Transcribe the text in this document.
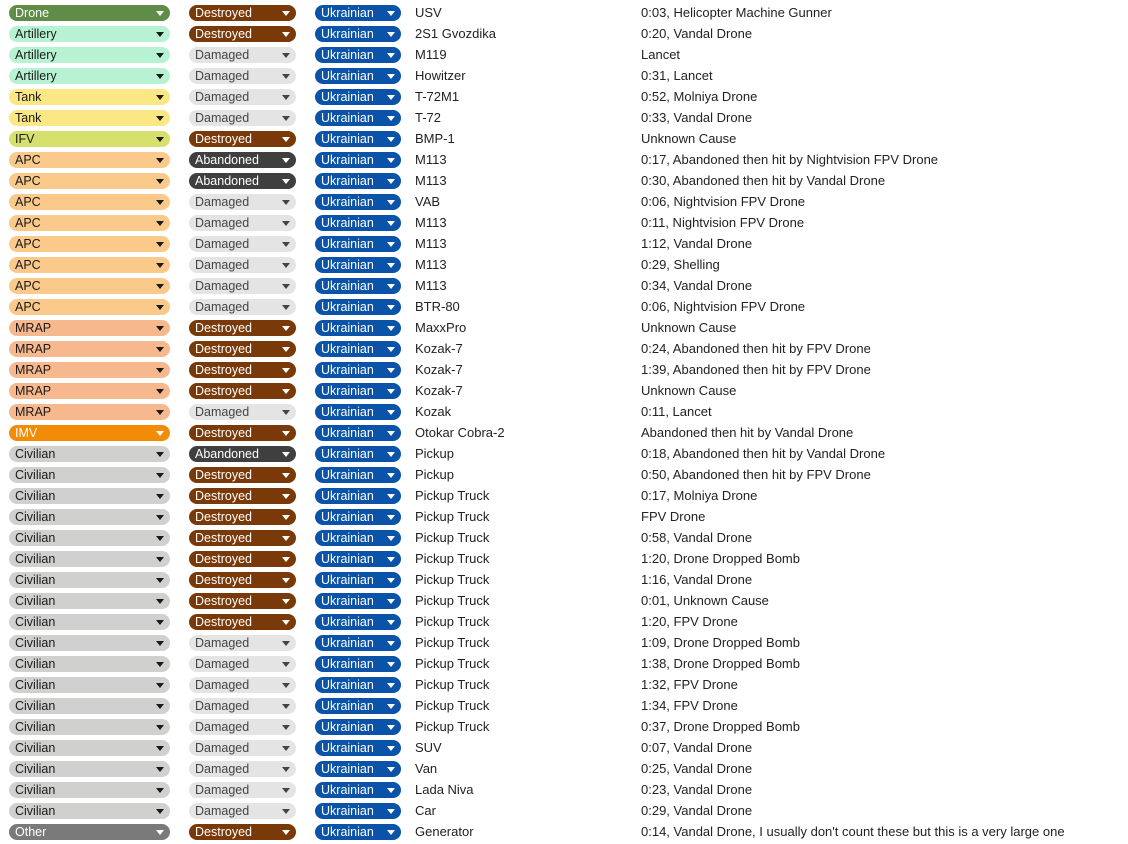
Drone	Destroyed	Ukrainian	USV	0:03, Helicopter Machine Gunner
Artillery	Destroyed	Ukrainian	2S1 Gvozdika	0:20, Vandal Drone
Artillery	Damaged	Ukrainian	M119	Lancet
Artillery	Damaged	Ukrainian	Howitzer	0:31, Lancet
Tank	Damaged	Ukrainian	T-72M1	0:52, Molniya Drone
Tank	Damaged	Ukrainian	T-72	0:33, Vandal Drone
IFV	Destroyed	Ukrainian	BMP-1	Unknown Cause
APC	Abandoned	Ukrainian	M113	0:17, Abandoned then hit by Nightvision FPV Drone
APC	Abandoned	Ukrainian	M113	0:30, Abandoned then hit by Vandal Drone
APC	Damaged	Ukrainian	VAB	0:06, Nightvision FPV Drone
APC	Damaged	Ukrainian	M113	0:11, Nightvision FPV Drone
APC	Damaged	Ukrainian	M113	1:12, Vandal Drone
APC	Damaged	Ukrainian	M113	0:29, Shelling
APC	Damaged	Ukrainian	M113	0:34, Vandal Drone
APC	Damaged	Ukrainian	BTR-80	0:06, Nightvision FPV Drone
MRAP	Destroyed	Ukrainian	MaxxPro	Unknown Cause
MRAP	Destroyed	Ukrainian	Kozak-7	0:24, Abandoned then hit by FPV Drone
MRAP	Destroyed	Ukrainian	Kozak-7	1:39, Abandoned then hit by FPV Drone
MRAP	Destroyed	Ukrainian	Kozak-7	Unknown Cause
MRAP	Damaged	Ukrainian	Kozak	0:11, Lancet
IMV	Destroyed	Ukrainian	Otokar Cobra-2	Abandoned then hit by Vandal Drone
Civilian	Abandoned	Ukrainian	Pickup	0:18, Abandoned then hit by Vandal Drone
Civilian	Destroyed	Ukrainian	Pickup	0:50, Abandoned then hit by FPV Drone
Civilian	Destroyed	Ukrainian	Pickup Truck	0:17, Molniya Drone
Civilian	Destroyed	Ukrainian	Pickup Truck	FPV Drone
Civilian	Destroyed	Ukrainian	Pickup Truck	0:58, Vandal Drone
Civilian	Destroyed	Ukrainian	Pickup Truck	1:20, Drone Dropped Bomb
Civilian	Destroyed	Ukrainian	Pickup Truck	1:16, Vandal Drone
Civilian	Destroyed	Ukrainian	Pickup Truck	0:01, Unknown Cause
Civilian	Destroyed	Ukrainian	Pickup Truck	1:20, FPV Drone
Civilian	Damaged	Ukrainian	Pickup Truck	1:09, Drone Dropped Bomb
Civilian	Damaged	Ukrainian	Pickup Truck	1:38, Drone Dropped Bomb
Civilian	Damaged	Ukrainian	Pickup Truck	1:32, FPV Drone
Civilian	Damaged	Ukrainian	Pickup Truck	1:34, FPV Drone
Civilian	Damaged	Ukrainian	Pickup Truck	0:37, Drone Dropped Bomb
Civilian	Damaged	Ukrainian	SUV	0:07, Vandal Drone
Civilian	Damaged	Ukrainian	Van	0:25, Vandal Drone
Civilian	Damaged	Ukrainian	Lada Niva	0:23, Vandal Drone
Civilian	Damaged	Ukrainian	Car	0:29, Vandal Drone
Other	Destroyed	Ukrainian	Generator	0:14, Vandal Drone, I usually don't count these but this is a very large one
